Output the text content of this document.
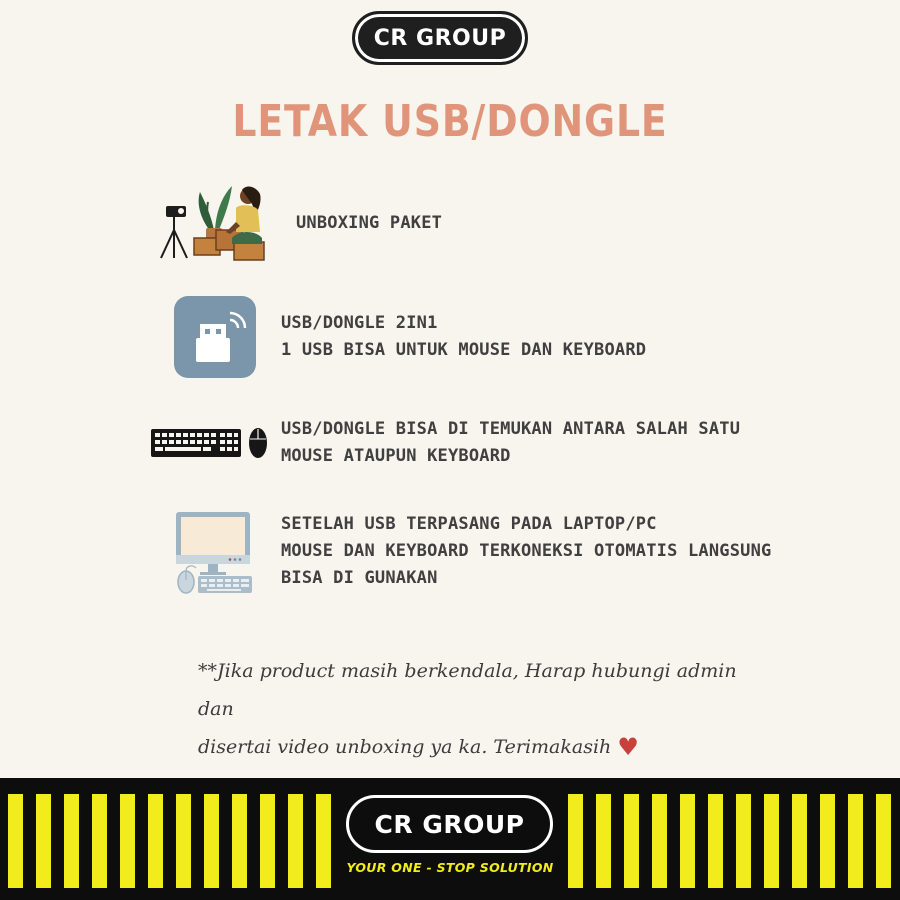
CR GROUP
LETAK USB/DONGLE
UNBOXING PAKET
USB/DONGLE 2IN1
1 USB BISA UNTUK MOUSE DAN KEYBOARD
USB/DONGLE BISA DI TEMUKAN ANTARA SALAH SATU
MOUSE ATAUPUN KEYBOARD
SETELAH USB TERPASANG PADA LAPTOP/PC
MOUSE DAN KEYBOARD TERKONEKSI OTOMATIS LANGSUNG
BISA DI GUNAKAN
**Jika product masih berkendala, Harap hubungi admin dan
disertai video unboxing ya ka. Terimakasih ♥
CR GROUP
YOUR ONE - STOP SOLUTION
